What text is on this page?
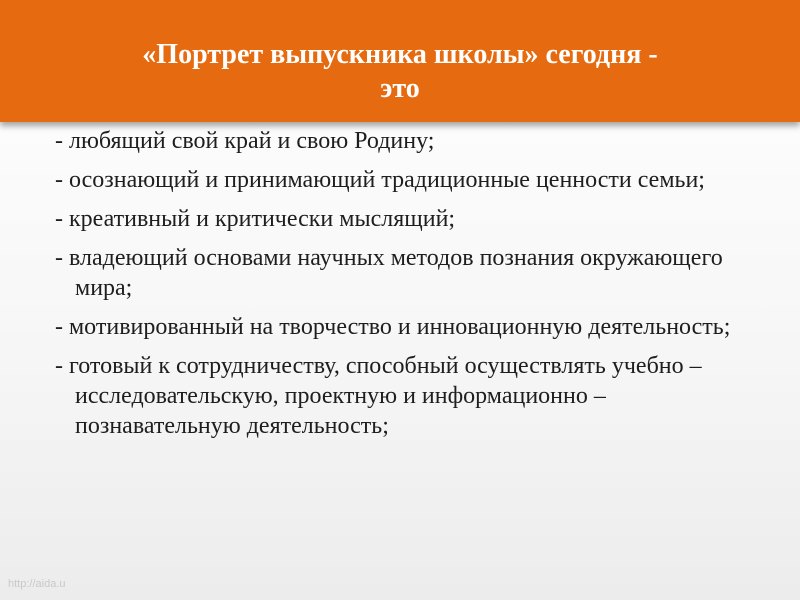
«Портрет выпускника школы» сегодня -
это
- любящий свой край и свою Родину;
- осознающий и принимающий традиционные ценности семьи;
- креативный и критически мыслящий;
- владеющий основами научных методов познания окружающего мира;
- мотивированный на творчество и инновационную деятельность;
- готовый к сотрудничеству, способный осуществлять учебно – исследовательскую, проектную и информационно – познавательную деятельность;
http://aida.u
